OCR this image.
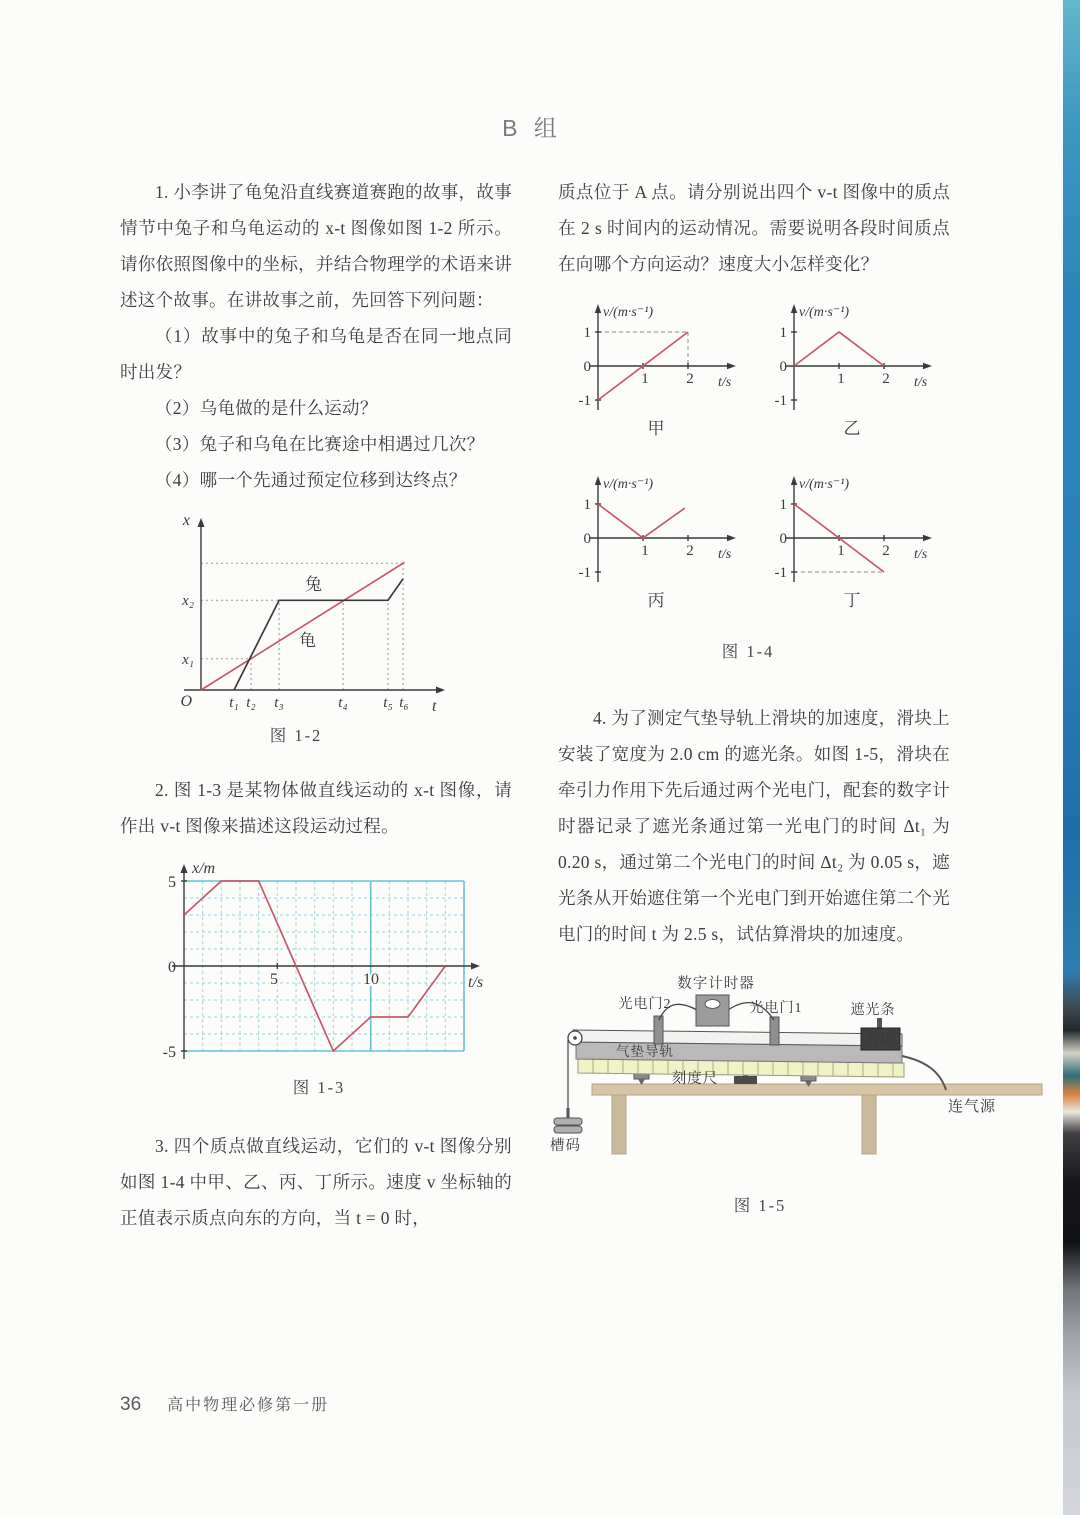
B 组

1. 小李讲了龟兔沿直线赛道赛跑的故事，故事情节中兔子和乌龟运动的 x-t 图像如图 1-2 所示。请你依照图像中的坐标，并结合物理学的术语来讲述这个故事。在讲故事之前，先回答下列问题：

（1）故事中的兔子和乌龟是否在同一地点同时出发？

（2）乌龟做的是什么运动？

（3）兔子和乌龟在比赛途中相遇过几次？

（4）哪一个先通过预定位移到达终点？

x
t
O
x₂
x₁
t₁ t₂ t₃	t₄ t₅ t₆
兔
龟
图 1-2

2. 图 1-3 是某物体做直线运动的 x-t 图像，请作出 v-t 图像来描述这段运动过程。

x/m
t/s
5
0
-5
5	10
图 1-3

3. 四个质点做直线运动，它们的 v-t 图像分别如图 1-4 中甲、乙、丙、丁所示。速度 v 坐标轴的正值表示质点向东的方向，当 t = 0 时，

质点位于 A 点。请分别说出四个 v-t 图像中的质点在 2 s 时间内的运动情况。需要说明各段时间质点在向哪个方向运动？速度大小怎样变化？

v/(m·s⁻¹)
1
0
-1
1	2 t/s
甲
v/(m·s⁻¹)
1
0
-1
1	2 t/s
乙
v/(m·s⁻¹)
1
0
-1
1	2 t/s
丙
v/(m·s⁻¹)
1
0
-1
1	2 t/s
丁
图 1-4

4. 为了测定气垫导轨上滑块的加速度，滑块上安装了宽度为 2.0 cm 的遮光条。如图 1-5，滑块在牵引力作用下先后通过两个光电门，配套的数字计时器记录了遮光条通过第一光电门的时间 Δt₁ 为 0.20 s，通过第二个光电门的时间 Δt₂ 为 0.05 s，遮光条从开始遮住第一个光电门到开始遮住第二个光电门的时间 t 为 2.5 s，试估算滑块的加速度。

数字计时器
光电门2	光电门1	遮光条
滑块
气垫导轨
刻度尺
连气源
槽码
图 1-5
36 高中物理必修第一册
